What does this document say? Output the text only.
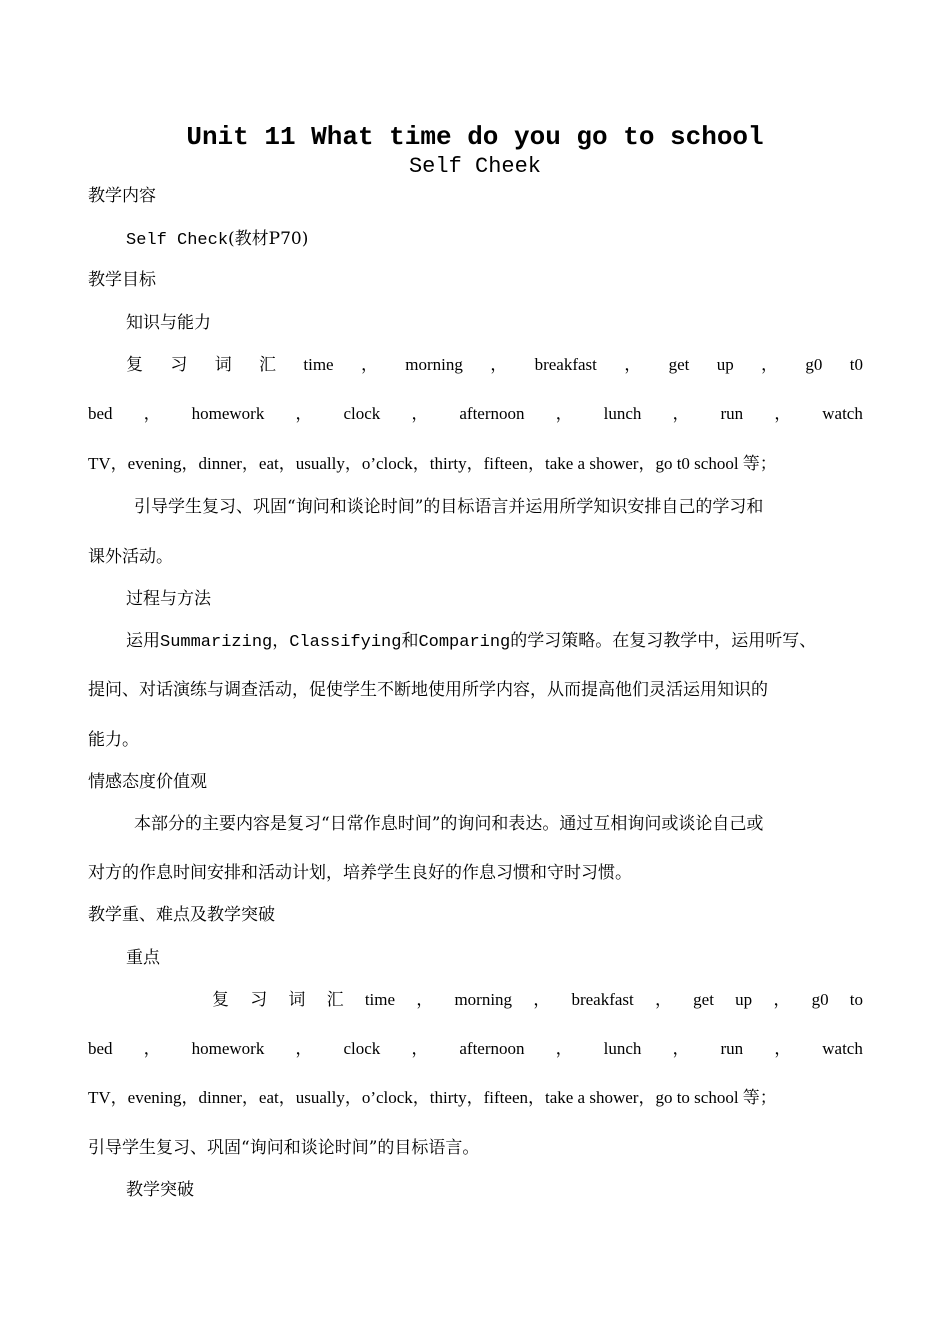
Unit 11 What time do you go to school
Self Cheek
教学内容
Self Check(教材P70)
教学目标
知识与能力
复 习 词 汇 time ， morning ， breakfast ， get up ， g0 t0
bed ， homework ， clock ， afternoon ， lunch ， run ， watch
TV，evening，dinner，eat，usually，o’clock，thirty，fifteen，take a shower，go t0 school 等；
引导学生复习、巩固“询问和谈论时间”的目标语言并运用所学知识安排自己的学习和
课外活动。
过程与方法
运用Summarizing，Classifying和Comparing的学习策略。在复习教学中，运用听写、
提问、对话演练与调查活动，促使学生不断地使用所学内容，从而提高他们灵活运用知识的
能力。
情感态度价值观
本部分的主要内容是复习“日常作息时间”的询问和表达。通过互相询问或谈论自己或
对方的作息时间安排和活动计划，培养学生良好的作息习惯和守时习惯。
教学重、难点及教学突破
重点
复 习 词 汇 time ， morning ， breakfast ， get up ， g0 to
bed ， homework ， clock ， afternoon ， lunch ， run ， watch
TV，evening，dinner，eat，usually，o’clock，thirty，fifteen，take a shower，go to school 等；
引导学生复习、巩固“询问和谈论时间”的目标语言。
教学突破
